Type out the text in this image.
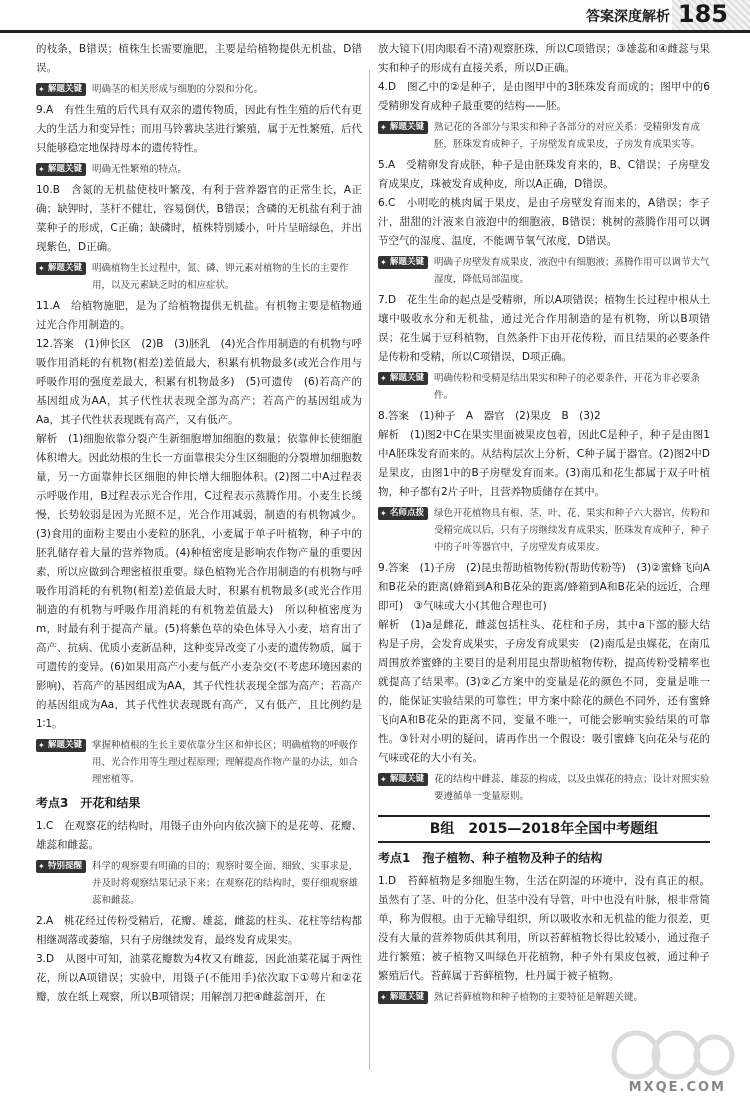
答案深度解析 185

的枝条，B错误；植株生长需要施肥，主要是给植物提供无机盐，D错误。

✦ 解题关键	明确茎的相关形成与细胞的分裂和分化。

9.A　有性生殖的后代具有双亲的遗传物质，因此有性生殖的后代有更大的生活力和变异性；而用马铃薯块茎进行繁殖，属于无性繁殖，后代只能够稳定地保持母本的遗传特性。

✦ 解题关键	明确无性繁殖的特点。

10.B　含氮的无机盐使枝叶繁茂，有利于营养器官的正常生长，A正确；缺钾时，茎杆不健壮，容易倒伏，B错误；含磷的无机盐有利于油菜种子的形成，C正确；缺磷时，植株特别矮小，叶片呈暗绿色，并出现紫色，D正确。

✦ 解题关键	明确植物生长过程中，氮、磷、钾元素对植物的生长的主要作用，以及元素缺乏时的相应症状。

11.A　给植物施肥，是为了给植物提供无机盐。有机物主要是植物通过光合作用制造的。

12.答案　(1)伸长区　(2)B　(3)胚乳　(4)光合作用制造的有机物与呼吸作用消耗的有机物(相差)差值最大，积累有机物最多(或光合作用与呼吸作用的强度差最大，积累有机物最多)　(5)可遗传　(6)若高产的基因组成为AA，其子代性状表现全部为高产；若高产的基因组成为Aa，其子代性状表现既有高产，又有低产。

解析　(1)细胞依靠分裂产生新细胞增加细胞的数量；依靠伸长使细胞体积增大。因此幼根的生长一方面靠根尖分生区细胞的分裂增加细胞数量，另一方面靠伸长区细胞的伸长增大细胞体积。(2)图二中A过程表示呼吸作用，B过程表示光合作用，C过程表示蒸腾作用。小麦生长缓慢，长势较弱是因为光照不足，光合作用减弱，制造的有机物减少。(3)食用的面粉主要由小麦粒的胚乳，小麦属于单子叶植物，种子中的胚乳储存着大量的营养物质。(4)种植密度是影响农作物产量的重要因素，所以应做到合理密植很重要。绿色植物光合作用制造的有机物与呼吸作用消耗的有机物(相差)差值最大时，积累有机物最多(或光合作用制造的有机物与呼吸作用消耗的有机物差值最大)　所以种植密度为m，时最有利于提高产量。(5)将紫色草的染色体导入小麦，培育出了高产、抗病、优质小麦新品种，这种变异改变了小麦的遗传物质，属于可遗传的变异。(6)如果用高产小麦与低产小麦杂交(不考虑环境因素的影响)，若高产的基因组成为AA，其子代性状表现全部为高产；若高产的基因组成为Aa，其子代性状表现既有高产，又有低产，且比例约是1∶1。

✦ 解题关键	掌握种植根的生长主要依靠分生区和伸长区；明确植物的呼吸作用、光合作用等生理过程原理；理解提高作物产量的办法，如合理密植等。
考点3　开花和结果

1.C　在观察花的结构时，用镊子由外向内依次摘下的是花萼、花瓣、雄蕊和雌蕊。

✦ 特别提醒	科学的观察要有明确的目的；观察时要全面、细致、实事求是，并及时将观察结果记录下来；在观察花的结构时，要仔细观察雄蕊和雌蕊。

2.A　桃花经过传粉受精后，花瓣、雄蕊，雌蕊的柱头、花柱等结构都相继凋落或萎缩，只有子房继续发育，最终发育成果实。

3.D　从图中可知，油菜花瓣数为4枚又有雌蕊，因此油菜花属于两性花，所以A项错误；实验中，用镊子(不能用手)依次取下①萼片和②花瓣，放在纸上观察，所以B项错误；用解剖刀把④雌蕊剖开，在

放大镜下(用肉眼看不清)观察胚珠，所以C项错误；③雄蕊和④雌蕊与果实和种子的形成有直接关系，所以D正确。

4.D　图乙中的②是种子，是由图甲中的3胚珠发育而成的；图甲中的6受精卵发育成种子最重要的结构——胚。

✦ 解题关键	熟记花的各部分与果实和种子各部分的对应关系：受精卵发育成胚，胚珠发育成种子，子房壁发育成果皮，子房发育成果实等。

5.A　受精卵发育成胚，种子是由胚珠发育来的，B、C错误；子房壁发育成果皮，珠被发育成种皮，所以A正确，D错误。

6.C　小明吃的桃肉属于果皮，是由子房壁发育而来的，A错误；李子汁，甜甜的汁液来自液泡中的细胞液，B错误；桃树的蒸腾作用可以调节空气的湿度、温度，不能调节氧气浓度，D错误。

✦ 解题关键	明确子房壁发育成果皮，液泡中有细胞液；蒸腾作用可以调节大气湿度，降低局部温度。

7.D　花生生命的起点是受精卵，所以A项错误；植物生长过程中根从土壤中吸收水分和无机盐，通过光合作用制造的是有机物，所以B项错误；花生属于豆科植物，自然条件下由开花传粉，而且结果的必要条件是传粉和受精，所以C项错误，D项正确。

✦ 解题关键	明确传粉和受精是结出果实和种子的必要条件，开花为非必要条件。

8.答案　(1)种子　A　器官　(2)果皮　B　(3)2

解析　(1)图2中C在果实里面被果皮包着，因此C是种子，种子是由图1中A胚珠发育而来的。从结构层次上分析，C种子属于器官。(2)图2中D是果皮，由图1中的B子房壁发育而来。(3)南瓜和花生都属于双子叶植物，种子都有2片子叶，且营养物质储存在其中。

✦ 名师点拨	绿色开花植物具有根、茎、叶、花、果实和种子六大器官，传粉和受精完成以后，只有子房继续发育成果实，胚珠发育成种子，种子中的子叶等器官中，子房壁发育成果皮。

9.答案　(1)子房　(2)昆虫帮助植物传粉(帮助传粉等)　(3)②蜜蜂飞向A和B花朵的距离(蜂箱到A和B花朵的距离/蜂箱到A和B花朵的远近，合理即可)　③气味或大小(其他合理也可)

解析　(1)a是雌花，雌蕊包括柱头、花柱和子房，其中a下部的膨大结构是子房，会发育成果实，子房发育成果实　(2)南瓜是虫媒花，在南瓜周围放养蜜蜂的主要目的是利用昆虫帮助植物传粉，提高传粉受精率也就提高了结果率。(3)②乙方案中的变量是花的颜色不同，变量是唯一的，能保证实验结果的可靠性；甲方案中除花的颜色不同外，还有蜜蜂飞向A和B花朵的距离不同，变量不唯一，可能会影响实验结果的可靠性。③针对小明的疑问，请再作出一个假设：吸引蜜蜂飞向花朵与花的气味或花的大小有关。

✦ 解题关键	花的结构中雌蕊、雄蕊的构成，以及虫媒花的特点；设计对照实验要遵循单一变量原则。
B组　2015—2018年全国中考题组
考点1　孢子植物、种子植物及种子的结构

1.D　苔藓植物是多细胞生物，生活在阴湿的环境中，没有真正的根。虽然有了茎、叶的分化，但茎中没有导管，叶中也没有叶脉，根非常简单，称为假根。由于无输导组织，所以吸收水和无机盐的能力很差，更没有大量的营养物质供其利用，所以苔藓植物长得比较矮小，通过孢子进行繁殖；被子植物又叫绿色开花植物，种子外有果皮包被，通过种子繁殖后代。苔藓属于苔藓植物，杜丹属于被子植物。

✦ 解题关键	熟记苔藓植物和种子植物的主要特征是解题关键。
MXQE.COM
